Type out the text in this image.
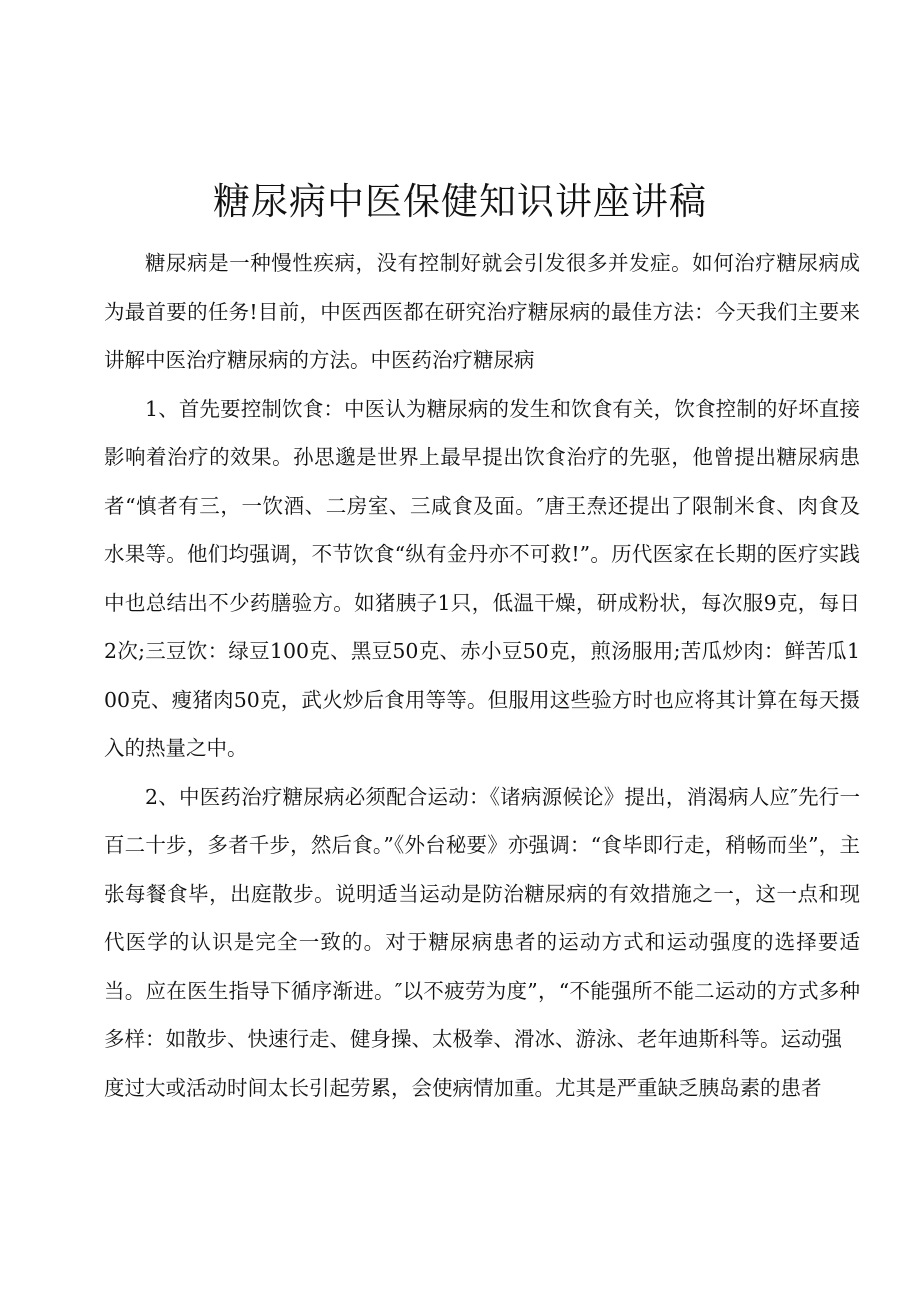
糖尿病中医保健知识讲座讲稿

糖尿病是一种慢性疾病，没有控制好就会引发很多并发症。如何治疗糖尿病成为最首要的任务!目前，中医西医都在研究治疗糖尿病的最佳方法：今天我们主要来讲解中医治疗糖尿病的方法。中医药治疗糖尿病

1、首先要控制饮食：中医认为糖尿病的发生和饮食有关，饮食控制的好坏直接影响着治疗的效果。孙思邈是世界上最早提出饮食治疗的先驱，他曾提出糖尿病患者“慎者有三，一饮酒、二房室、三咸食及面。″唐王焘还提出了限制米食、肉食及水果等。他们均强调，不节饮食“纵有金丹亦不可救!”。历代医家在长期的医疗实践中也总结出不少药膳验方。如猪胰子1只，低温干燥，研成粉状，每次服9克，每日2次;三豆饮：绿豆100克、黑豆50克、赤小豆50克，煎汤服用;苦瓜炒肉：鲜苦瓜100克、瘦猪肉50克，武火炒后食用等等。但服用这些验方时也应将其计算在每天摄入的热量之中。

2、中医药治疗糖尿病必须配合运动：《诸病源候论》提出，消渴病人应″先行一百二十步，多者千步，然后食。”《外台秘要》亦强调：“食毕即行走，稍畅而坐”，主张每餐食毕，出庭散步。说明适当运动是防治糖尿病的有效措施之一，这一点和现代医学的认识是完全一致的。对于糖尿病患者的运动方式和运动强度的选择要适当。应在医生指导下循序渐进。″以不疲劳为度”，“不能强所不能二运动的方式多种多样：如散步、快速行走、健身操、太极拳、滑冰、游泳、老年迪斯科等。运动强

度过大或活动时间太长引起劳累，会使病情加重。尤其是严重缺乏胰岛素的患者
